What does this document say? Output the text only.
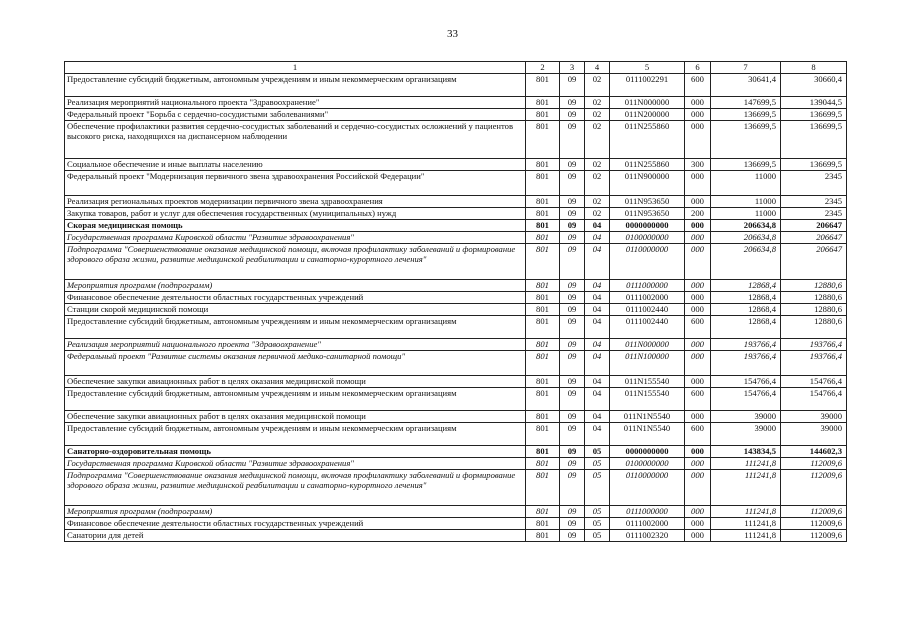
33
1	2	3	4	5	6	7	8
Предоставление субсидий бюджетным, автономным учреждениям и иным некоммерческим организациям	801	09	02	0111002291	600	30641,4	30660,4
Реализация мероприятий национального проекта "Здравоохранение"	801	09	02	011N000000	000	147699,5	139044,5
Федеральный проект "Борьба с сердечно-сосудистыми заболеваниями"	801	09	02	011N200000	000	136699,5	136699,5
Обеспечение профилактики развития сердечно-сосудистых заболеваний и сердечно-сосудистых осложнений у пациентов высокого риска, находящихся на диспансерном наблюдении	801	09	02	011N255860	000	136699,5	136699,5
Социальное обеспечение и иные выплаты населению	801	09	02	011N255860	300	136699,5	136699,5
Федеральный проект "Модернизация первичного звена здравоохранения Российской Федерации"	801	09	02	011N900000	000	11000	2345
Реализация региональных проектов модернизации первичного звена здравоохранения	801	09	02	011N953650	000	11000	2345
Закупка товаров, работ и услуг для обеспечения государственных (муниципальных) нужд	801	09	02	011N953650	200	11000	2345
Скорая медицинская помощь	801	09	04	0000000000	000	206634,8	206647
Государственная программа Кировской области "Развитие здравоохранения"	801	09	04	0100000000	000	206634,8	206647
Подпрограмма "Совершенствование оказания медицинской помощи, включая профилактику заболеваний и формирование здорового образа жизни, развитие медицинской реабилитации и санаторно-курортного лечения"	801	09	04	0110000000	000	206634,8	206647
Мероприятия программ (подпрограмм)	801	09	04	0111000000	000	12868,4	12880,6
Финансовое обеспечение деятельности областных государственных учреждений	801	09	04	0111002000	000	12868,4	12880,6
Станции скорой медицинской помощи	801	09	04	0111002440	000	12868,4	12880,6
Предоставление субсидий бюджетным, автономным учреждениям и иным некоммерческим организациям	801	09	04	0111002440	600	12868,4	12880,6
Реализация мероприятий национального проекта "Здравоохранение"	801	09	04	011N000000	000	193766,4	193766,4
Федеральный проект "Развитие системы оказания первичной медико-санитарной помощи"	801	09	04	011N100000	000	193766,4	193766,4
Обеспечение закупки авиационных работ в целях оказания медицинской помощи	801	09	04	011N155540	000	154766,4	154766,4
Предоставление субсидий бюджетным, автономным учреждениям и иным некоммерческим организациям	801	09	04	011N155540	600	154766,4	154766,4
Обеспечение закупки авиационных работ в целях оказания медицинской помощи	801	09	04	011N1N5540	000	39000	39000
Предоставление субсидий бюджетным, автономным учреждениям и иным некоммерческим организациям	801	09	04	011N1N5540	600	39000	39000
Санаторно-оздоровительная помощь	801	09	05	0000000000	000	143834,5	144602,3
Государственная программа Кировской области "Развитие здравоохранения"	801	09	05	0100000000	000	111241,8	112009,6
Подпрограмма "Совершенствование оказания медицинской помощи, включая профилактику заболеваний и формирование здорового образа жизни, развитие медицинской реабилитации и санаторно-курортного лечения"	801	09	05	0110000000	000	111241,8	112009,6
Мероприятия программ (подпрограмм)	801	09	05	0111000000	000	111241,8	112009,6
Финансовое обеспечение деятельности областных государственных учреждений	801	09	05	0111002000	000	111241,8	112009,6
Санатории для детей	801	09	05	0111002320	000	111241,8	112009,6
